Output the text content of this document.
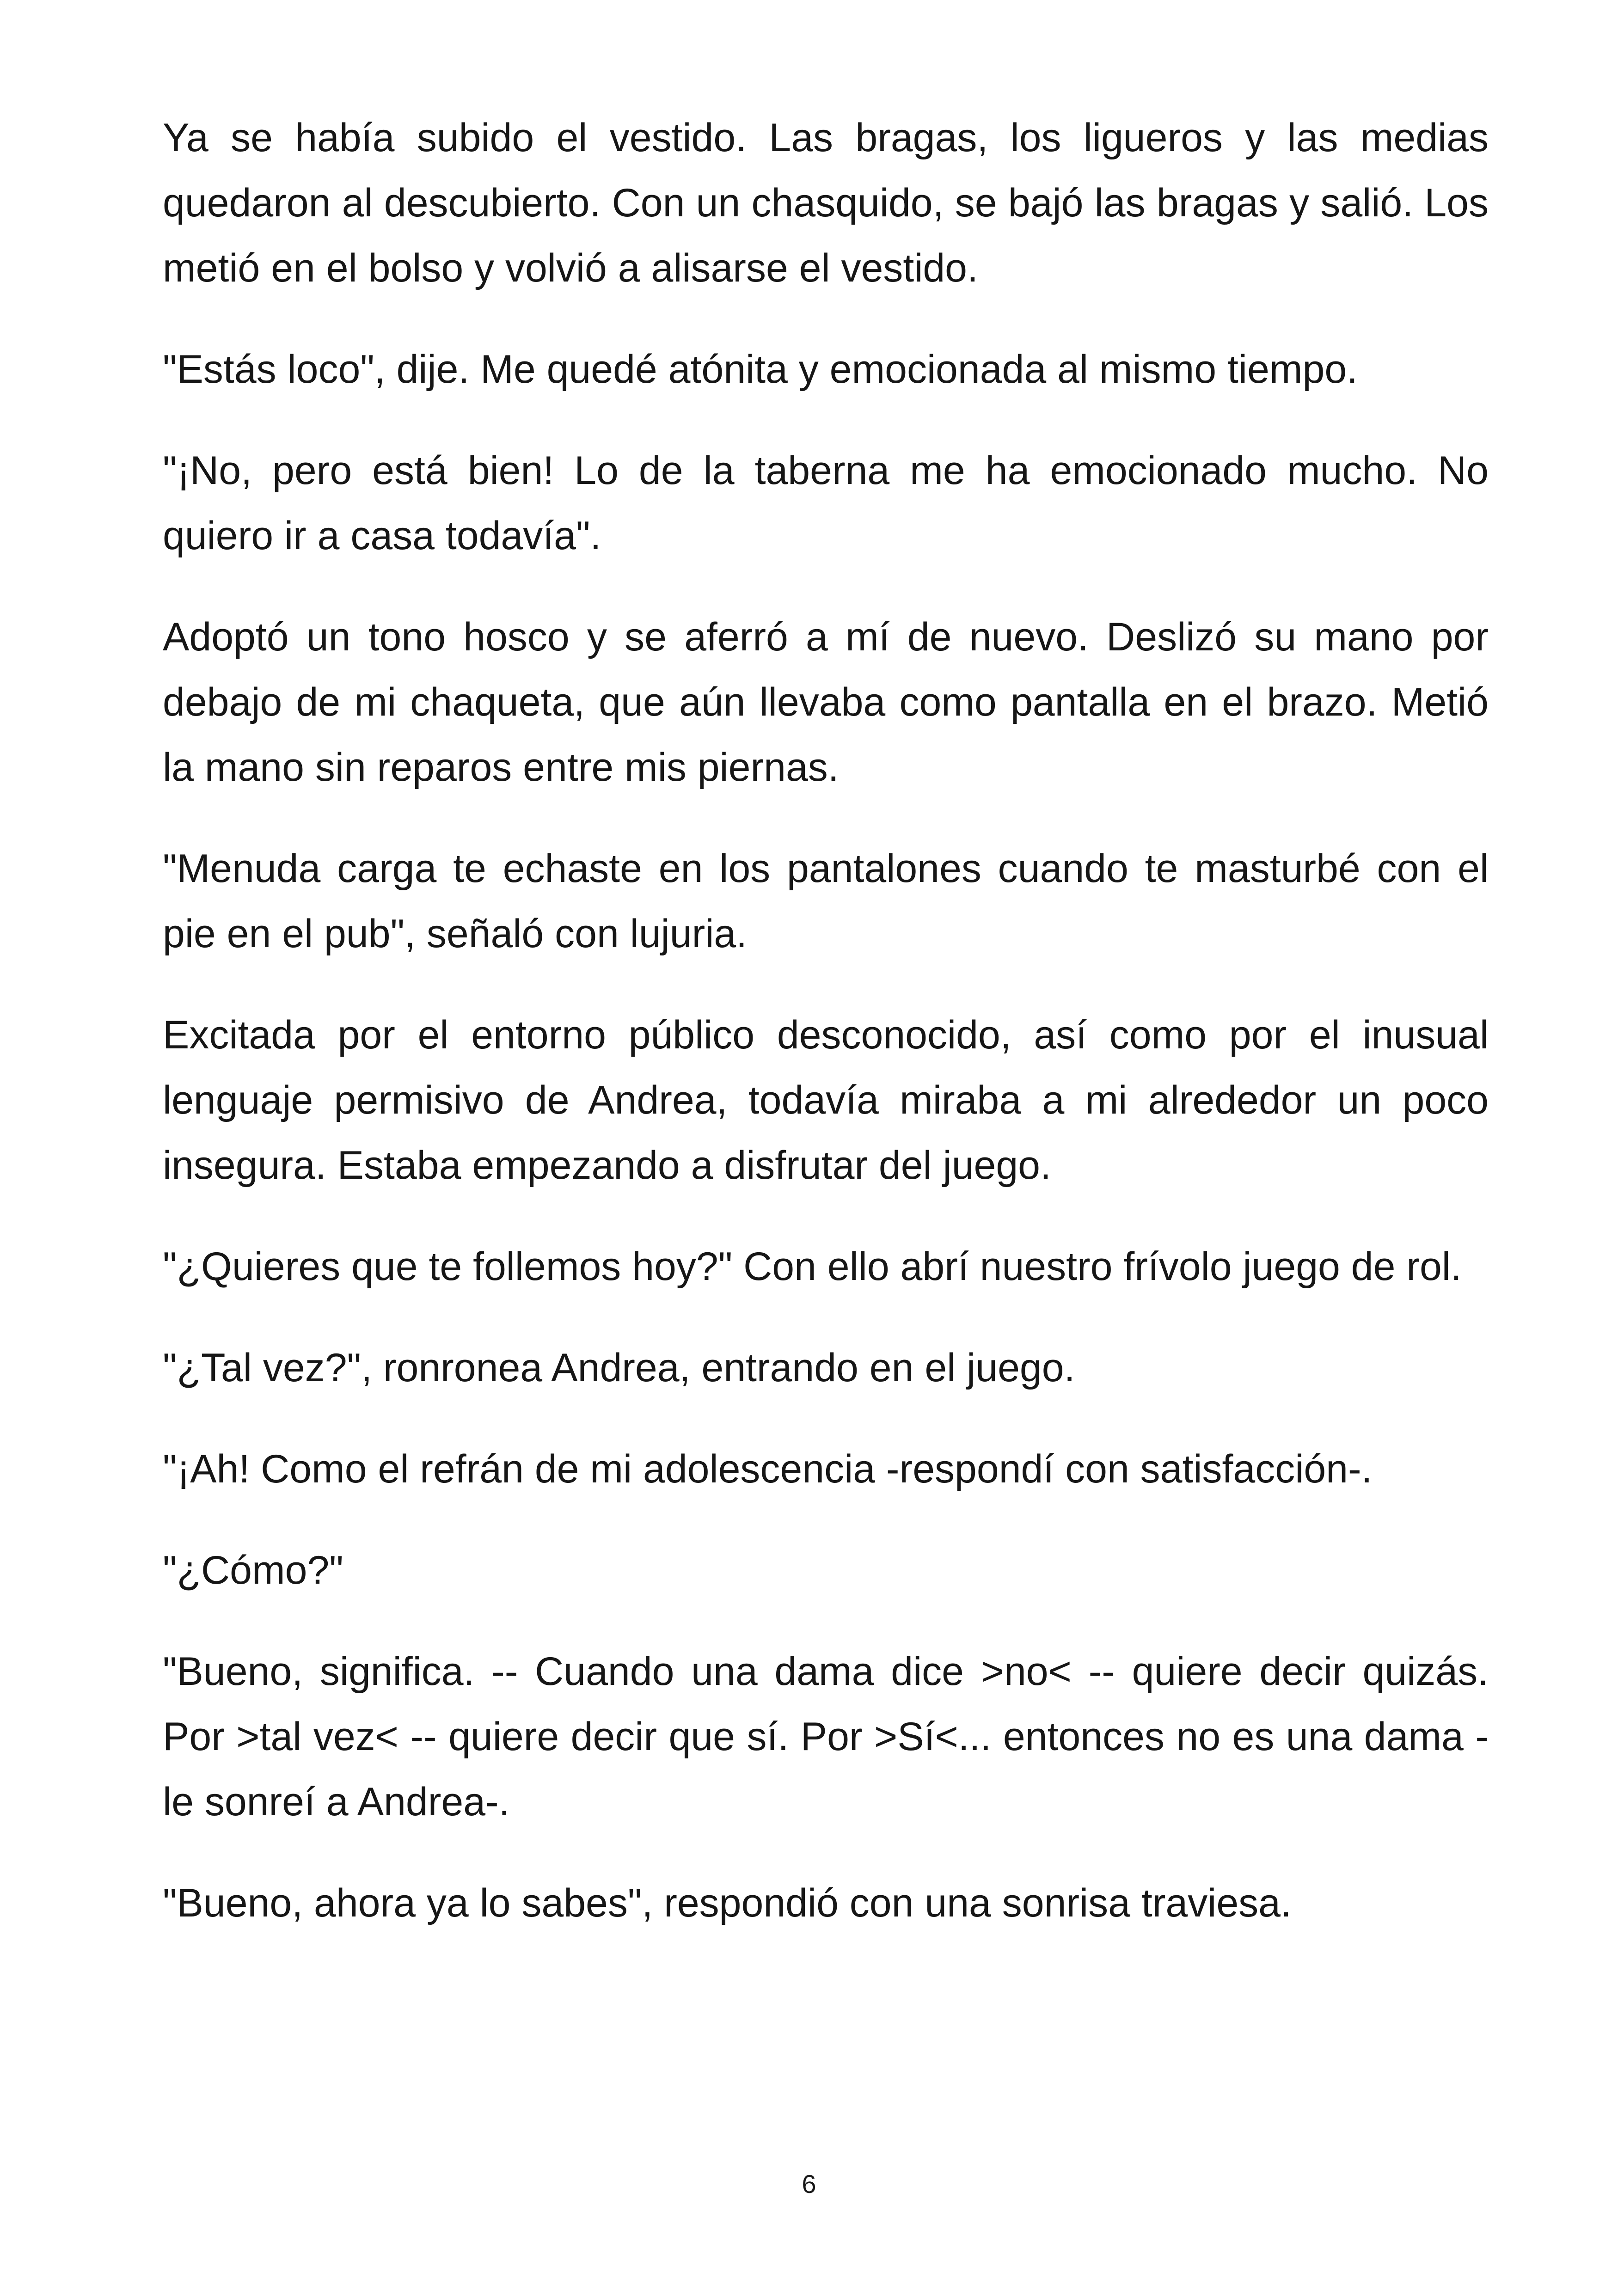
Ya se había subido el vestido. Las bragas, los ligueros y las medias quedaron al descubierto. Con un chasquido, se bajó las bragas y salió. Los metió en el bolso y volvió a alisarse el vestido.

"Estás loco", dije. Me quedé atónita y emocionada al mismo tiempo.

"¡No, pero está bien! Lo de la taberna me ha emocionado mucho. No quiero ir a casa todavía".

Adoptó un tono hosco y se aferró a mí de nuevo. Deslizó su mano por debajo de mi chaqueta, que aún llevaba como pantalla en el brazo. Metió la mano sin reparos entre mis piernas.

"Menuda carga te echaste en los pantalones cuando te masturbé con el pie en el pub", señaló con lujuria.

Excitada por el entorno público desconocido, así como por el inusual lenguaje permisivo de Andrea, todavía miraba a mi alrededor un poco insegura. Estaba empezando a disfrutar del juego.

"¿Quieres que te follemos hoy?" Con ello abrí nuestro frívolo juego de rol.

"¿Tal vez?", ronronea Andrea, entrando en el juego.

"¡Ah! Como el refrán de mi adolescencia -respondí con satisfacción-.

"¿Cómo?"

"Bueno, significa. -- Cuando una dama dice >no< -- quiere decir quizás. Por >tal vez< -- quiere decir que sí. Por >Sí<... entonces no es una dama -le sonreí a Andrea-.

"Bueno, ahora ya lo sabes", respondió con una sonrisa traviesa.

6
